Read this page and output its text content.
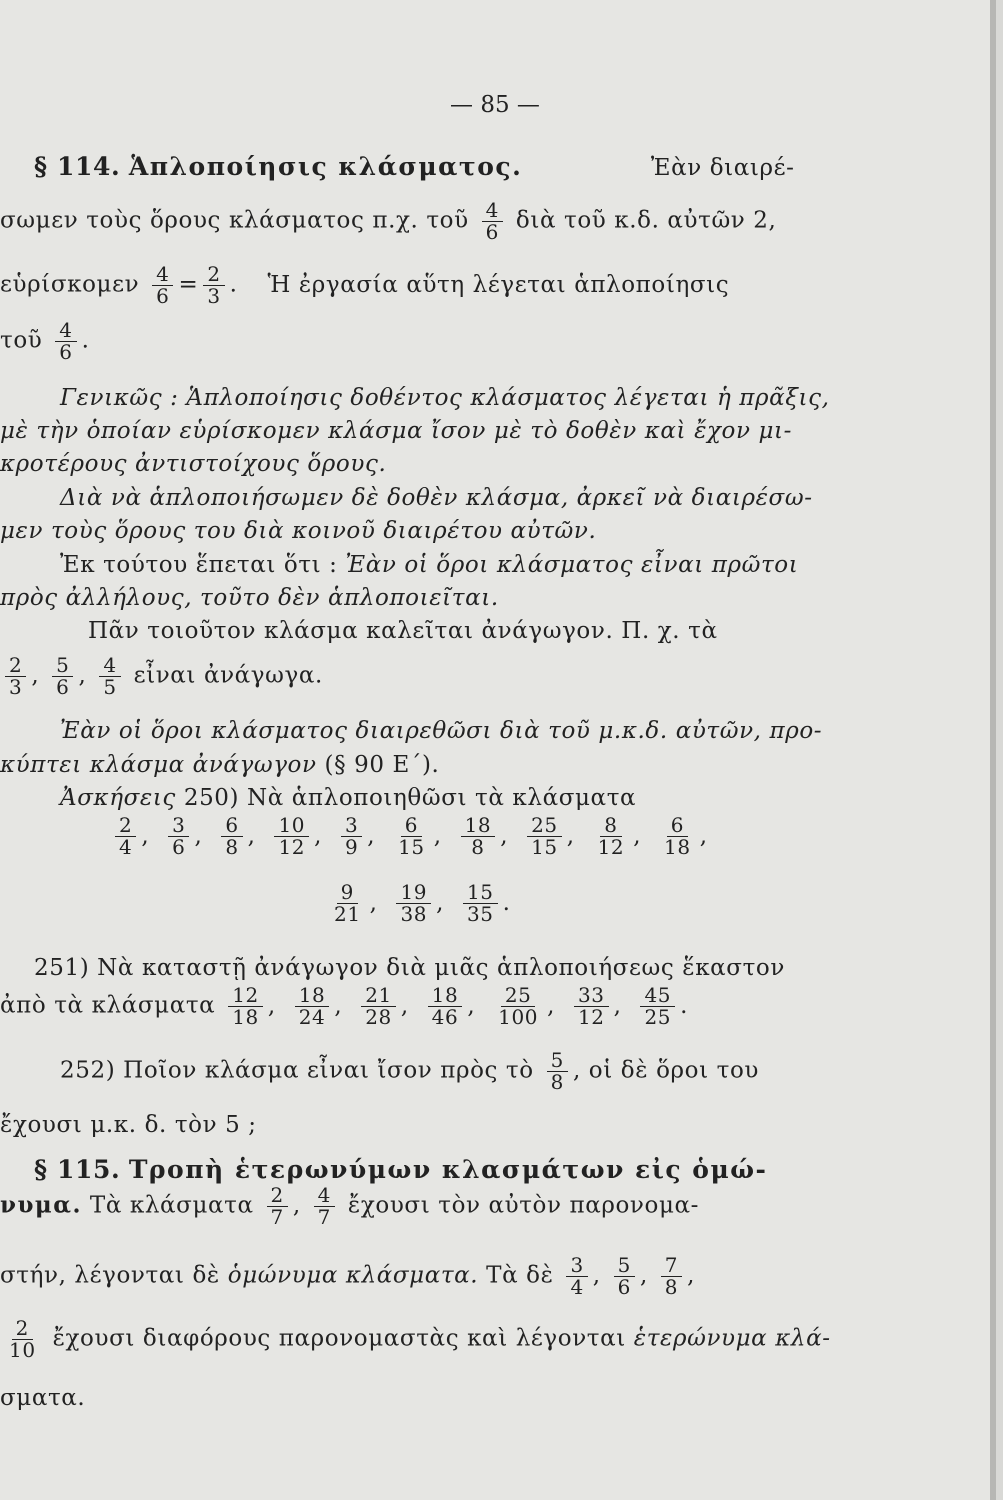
— 85 —
§ 114. Ἁπλοποίησις κλάσματος.	Ἐὰν διαιρέ-
σωμεν τοὺς ὅρους κλάσματος π.χ. τοῦ $\frac{4}{6}$ διὰ τοῦ κ.δ. αὐτῶν 2,
εὑρίσκομεν $\frac{4}{6} = \frac{2}{3}$ . Ἡ ἐργασία αὕτη λέγεται ἁπλοποίησις
τοῦ $\frac{4}{6}$ .
Γενικῶς : Ἁπλοποίησις δοθέντος κλάσματος λέγεται ἡ πρᾶξις,
μὲ τὴν ὁποίαν εὑρίσκομεν κλάσμα ἴσον μὲ τὸ δοθὲν καὶ ἔχον μι-
κροτέρους ἀντιστοίχους ὅρους.
Διὰ νὰ ἁπλοποιήσωμεν δὲ δοθὲν κλάσμα, ἀρκεῖ νὰ διαιρέσω-
μεν τοὺς ὅρους του διὰ κοινοῦ διαιρέτου αὐτῶν.
Ἐκ τούτου ἕπεται ὅτι : Ἐὰν οἱ ὅροι κλάσματος εἶναι πρῶτοι
πρὸς ἀλλήλους, τοῦτο δὲν ἁπλοποιεῖται.
Πᾶν τοιοῦτον κλάσμα καλεῖται ἀνάγωγον. Π. χ. τὰ
$\frac{2}{3}$ , $\frac{5}{6}$ , $\frac{4}{5}$ εἶναι ἀνάγωγα.
Ἐὰν οἱ ὅροι κλάσματος διαιρεθῶσι διὰ τοῦ μ.κ.δ. αὐτῶν, προ-
κύπτει κλάσμα ἀνάγωγον (§ 90 Ε΄).
Ἀσκήσεις 250) Νὰ ἁπλοποιηθῶσι τὰ κλάσματα
$\frac{2}{4}$ , $\frac{3}{6}$ , $\frac{6}{8}$ , $\frac{10}{12}$ , $\frac{3}{9}$ , $\frac{6}{15}$ , $\frac{18}{8}$ , $\frac{25}{15}$ , $\frac{8}{12}$ , $\frac{6}{18}$ ,
$\frac{9}{21}$ , $\frac{19}{38}$ , $\frac{15}{35}$ .
251) Νὰ καταστῇ ἀνάγωγον διὰ μιᾶς ἁπλοποιήσεως ἕκαστον
ἀπὸ τὰ κλάσματα $\frac{12}{18}$ , $\frac{18}{24}$ , $\frac{21}{28}$ , $\frac{18}{46}$ , $\frac{25}{100}$ , $\frac{33}{12}$ , $\frac{45}{25}$ .
252) Ποῖον κλάσμα εἶναι ἴσον πρὸς τὸ $\frac{5}{8}$ , οἱ δὲ ὅροι του
ἔχουσι μ.κ. δ. τὸν 5 ;
§ 115. Τροπὴ ἑτερωνύμων κλασμάτων εἰς ὁμώ-
νυμα. Τὰ κλάσματα $\frac{2}{7}$ , $\frac{4}{7}$ ἔχουσι τὸν αὐτὸν παρονομα-
στήν, λέγονται δὲ ὁμώνυμα κλάσματα. Τὰ δὲ $\frac{3}{4}$ , $\frac{5}{6}$ , $\frac{7}{8}$ ,
$\frac{2}{10}$ ἔχουσι διαφόρους παρονομαστὰς καὶ λέγονται ἑτερώνυμα κλά-
σματα.
